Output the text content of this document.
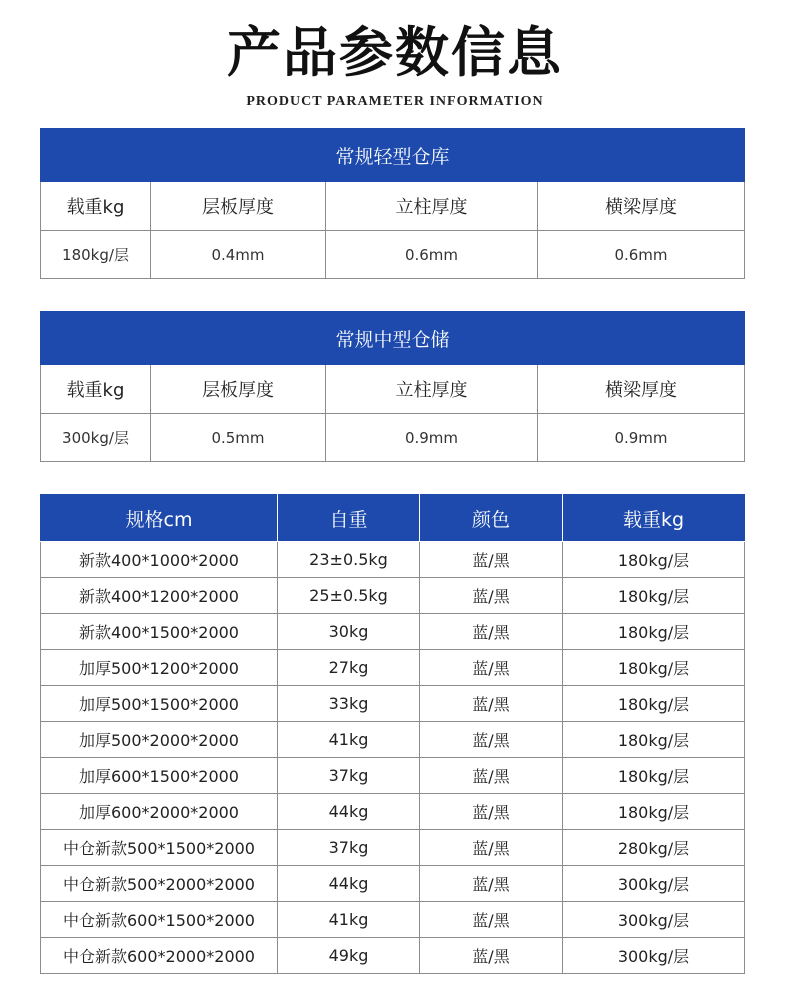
产品参数信息
PRODUCT PARAMETER INFORMATION
常规轻型仓库			
载重kg	层板厚度	立柱厚度	横梁厚度
180kg/层	0.4mm	0.6mm	0.6mm
常规中型仓储			
载重kg	层板厚度	立柱厚度	横梁厚度
300kg/层	0.5mm	0.9mm	0.9mm
规格cm	自重	颜色	载重kg
新款400*1000*2000	23±0.5kg	蓝/黑	180kg/层
新款400*1200*2000	25±0.5kg	蓝/黑	180kg/层
新款400*1500*2000	30kg	蓝/黑	180kg/层
加厚500*1200*2000	27kg	蓝/黑	180kg/层
加厚500*1500*2000	33kg	蓝/黑	180kg/层
加厚500*2000*2000	41kg	蓝/黑	180kg/层
加厚600*1500*2000	37kg	蓝/黑	180kg/层
加厚600*2000*2000	44kg	蓝/黑	180kg/层
中仓新款500*1500*2000	37kg	蓝/黑	280kg/层
中仓新款500*2000*2000	44kg	蓝/黑	300kg/层
中仓新款600*1500*2000	41kg	蓝/黑	300kg/层
中仓新款600*2000*2000	49kg	蓝/黑	300kg/层
